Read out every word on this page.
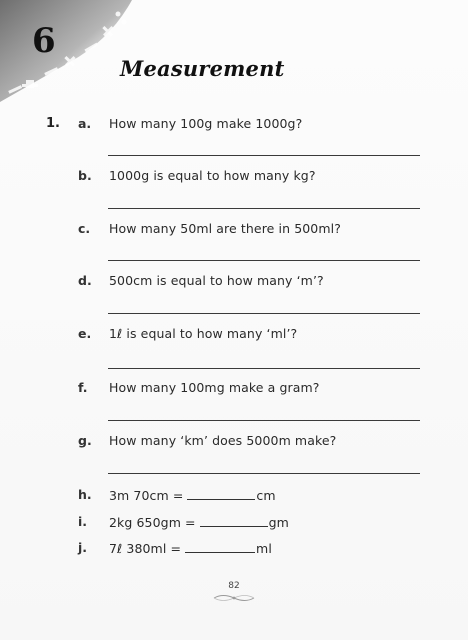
6
Measurement
1. a. How many 100g make 1000g?
b. 1000g is equal to how many kg?
c. How many 50ml are there in 500ml?
d. 500cm is equal to how many ‘m’?
e. 1ℓ is equal to how many ‘ml’?
f. How many 100mg make a gram?
g. How many ‘km’ does 5000m make?
h. 3m 70cm =	cm
i. 2kg 650gm =	gm
j. 7ℓ 380ml =	ml
82
